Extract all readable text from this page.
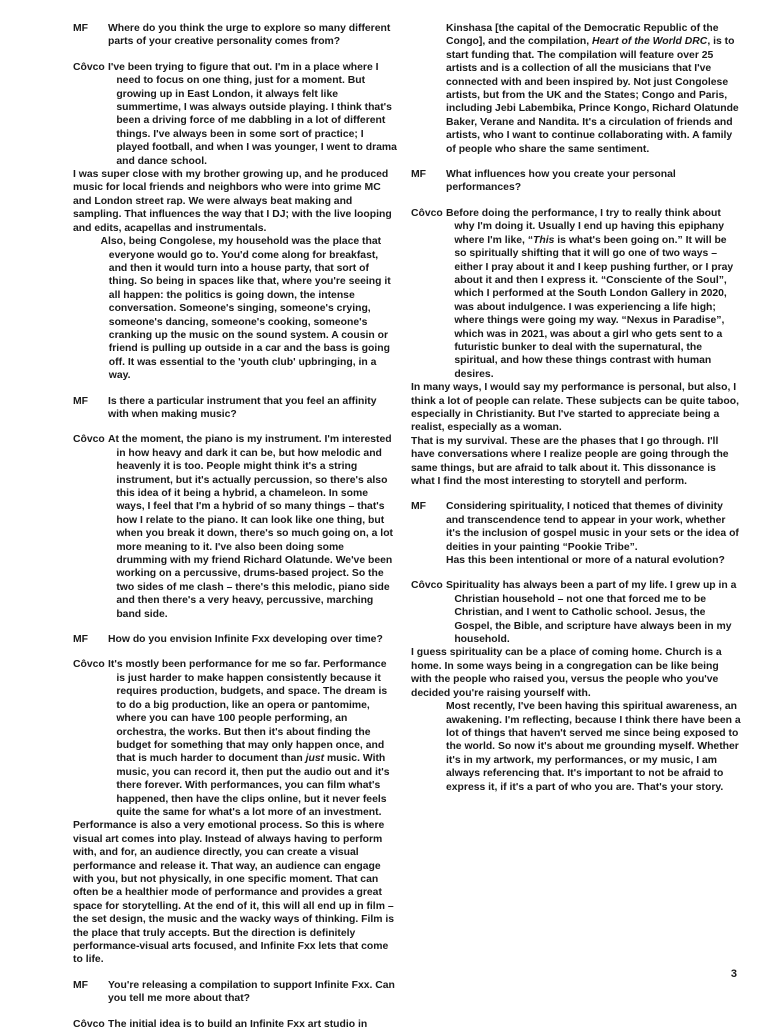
MF	Where do you think the urge to explore so many different parts of your creative personality comes from?
Côvco I've been trying to figure that out. I'm in a place where I need to focus on one thing, just for a moment. But growing up in East London, it always felt like summertime, I was always outside playing. I think that's been a driving force of me dabbling in a lot of different things. I've always been in some sort of practice; I played football, and when I was younger, I went to drama and dance school.

I was super close with my brother growing up, and he produced music for local friends and neighbors who were into grime MC and London street rap. We were always beat making and sampling. That influences the way that I DJ; with the live looping and edits, acapellas and instrumentals.

Also, being Congolese, my household was the place that everyone would go to. You'd come along for breakfast, and then it would turn into a house party, that sort of thing. So being in spaces like that, where you're seeing it all happen: the politics is going down, the intense conversation. Someone's singing, someone's crying, someone's dancing, someone's cooking, someone's cranking up the music on the sound system. A cousin or friend is pulling up outside in a car and the bass is going off. It was essential to the 'youth club' upbringing, in a way.

MF	Is there a particular instrument that you feel an affinity with when making music?
Côvco At the moment, the piano is my instrument. I'm interested in how heavy and dark it can be, but how melodic and heavenly it is too. People might think it's a string instrument, but it's actually percussion, so there's also this idea of it being a hybrid, a chameleon. In some ways, I feel that I'm a hybrid of so many things – that's how I relate to the piano. It can look like one thing, but when you break it down, there's so much going on, a lot more meaning to it. I've also been doing some drumming with my friend Richard Olatunde. We've been working on a percussive, drums-based project. So the two sides of me clash – there's this melodic, piano side and then there's a very heavy, percussive, marching band side.
MF	How do you envision Infinite Fxx developing over time?
Côvco It's mostly been performance for me so far. Performance is just harder to make happen consistently because it requires production, budgets, and space. The dream is to do a big production, like an opera or pantomime, where you can have 100 people performing, an orchestra, the works. But then it's about finding the budget for something that may only happen once, and that is much harder to document than just music. With music, you can record it, then put the audio out and it's there forever. With performances, you can film what's happened, then have the clips online, but it never feels quite the same for what's a lot more of an investment.

Performance is also a very emotional process. So this is where visual art comes into play. Instead of always having to perform with, and for, an audience directly, you can create a visual performance and release it. That way, an audience can engage with you, but not physically, in one specific moment. That can often be a healthier mode of performance and provides a great space for storytelling. At the end of it, this will all end up in film – the set design, the music and the wacky ways of thinking. Film is the place that truly accepts. But the direction is definitely performance-visual arts focused, and Infinite Fxx lets that come to life.

MF	You're releasing a compilation to support Infinite Fxx. Can you tell me more about that?
Côvco The initial idea is to build an Infinite Fxx art studio in

Kinshasa [the capital of the Democratic Republic of the Congo], and the compilation, Heart of the World DRC, is to start funding that. The compilation will feature over 25 artists and is a collection of all the musicians that I've connected with and been inspired by. Not just Congolese artists, but from the UK and the States; Congo and Paris, including Jebi Labembika, Prince Kongo, Richard Olatunde Baker, Verane and Nandita. It's a circulation of friends and artists, who I want to continue collaborating with. A family of people who share the same sentiment.

MF	What influences how you create your personal performances?
Côvco Before doing the performance, I try to really think about why I'm doing it. Usually I end up having this epiphany where I'm like, “This is what's been going on.” It will be so spiritually shifting that it will go one of two ways – either I pray about it and I keep pushing further, or I pray about it and then I express it. “Consciente of the Soul”, which I performed at the South London Gallery in 2020, was about indulgence. I was experiencing a life high; where things were going my way. “Nexus in Paradise”, which was in 2021, was about a girl who gets sent to a futuristic bunker to deal with the supernatural, the spiritual, and how these things contrast with human desires.

In many ways, I would say my performance is personal, but also, I think a lot of people can relate. These subjects can be quite taboo, especially in Christianity. But I've started to appreciate being a realist, especially as a woman.

That is my survival. These are the phases that I go through. I'll have conversations where I realize people are going through the same things, but are afraid to talk about it. This dissonance is what I find the most interesting to storytell and perform.

MF	Considering spirituality, I noticed that themes of divinity and transcendence tend to appear in your work, whether it's the inclusion of gospel music in your sets or the idea of deities in your painting “Pookie Tribe”.
Has this been intentional or more of a natural evolution?
Côvco Spirituality has always been a part of my life. I grew up in a Christian household – not one that forced me to be Christian, and I went to Catholic school. Jesus, the Gospel, the Bible, and scripture have always been in my household.

I guess spirituality can be a place of coming home. Church is a home. In some ways being in a congregation can be like being with the people who raised you, versus the people who you've decided you're raising yourself with.

Most recently, I've been having this spiritual awareness, an awakening. I'm reflecting, because I think there have been a lot of things that haven't served me since being exposed to the world. So now it's about me grounding myself. Whether it's in my artwork, my performances, or my music, I am always referencing that. It's important to not be afraid to express it, if it's a part of who you are. That's your story.

3
